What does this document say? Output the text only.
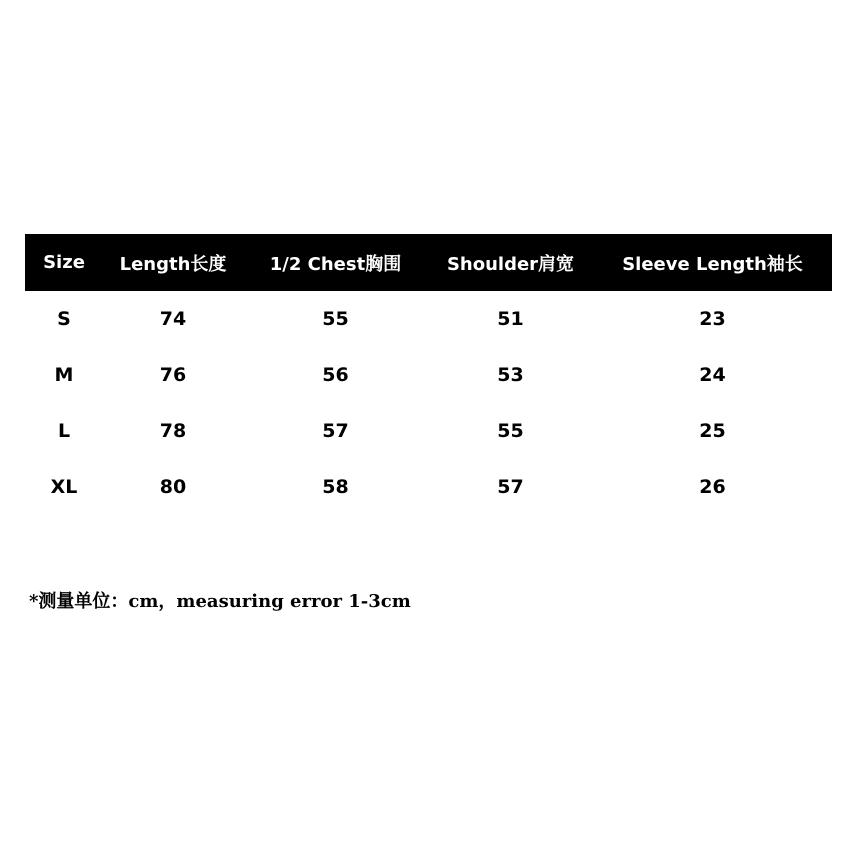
Size	Length长度	1/2 Chest胸围	Shoulder肩宽	Sleeve Length袖长
S	74	55	51	23
M	76	56	53	24
L	78	57	55	25
XL	80	58	57	26
*测量单位：cm，measuring error 1-3cm
